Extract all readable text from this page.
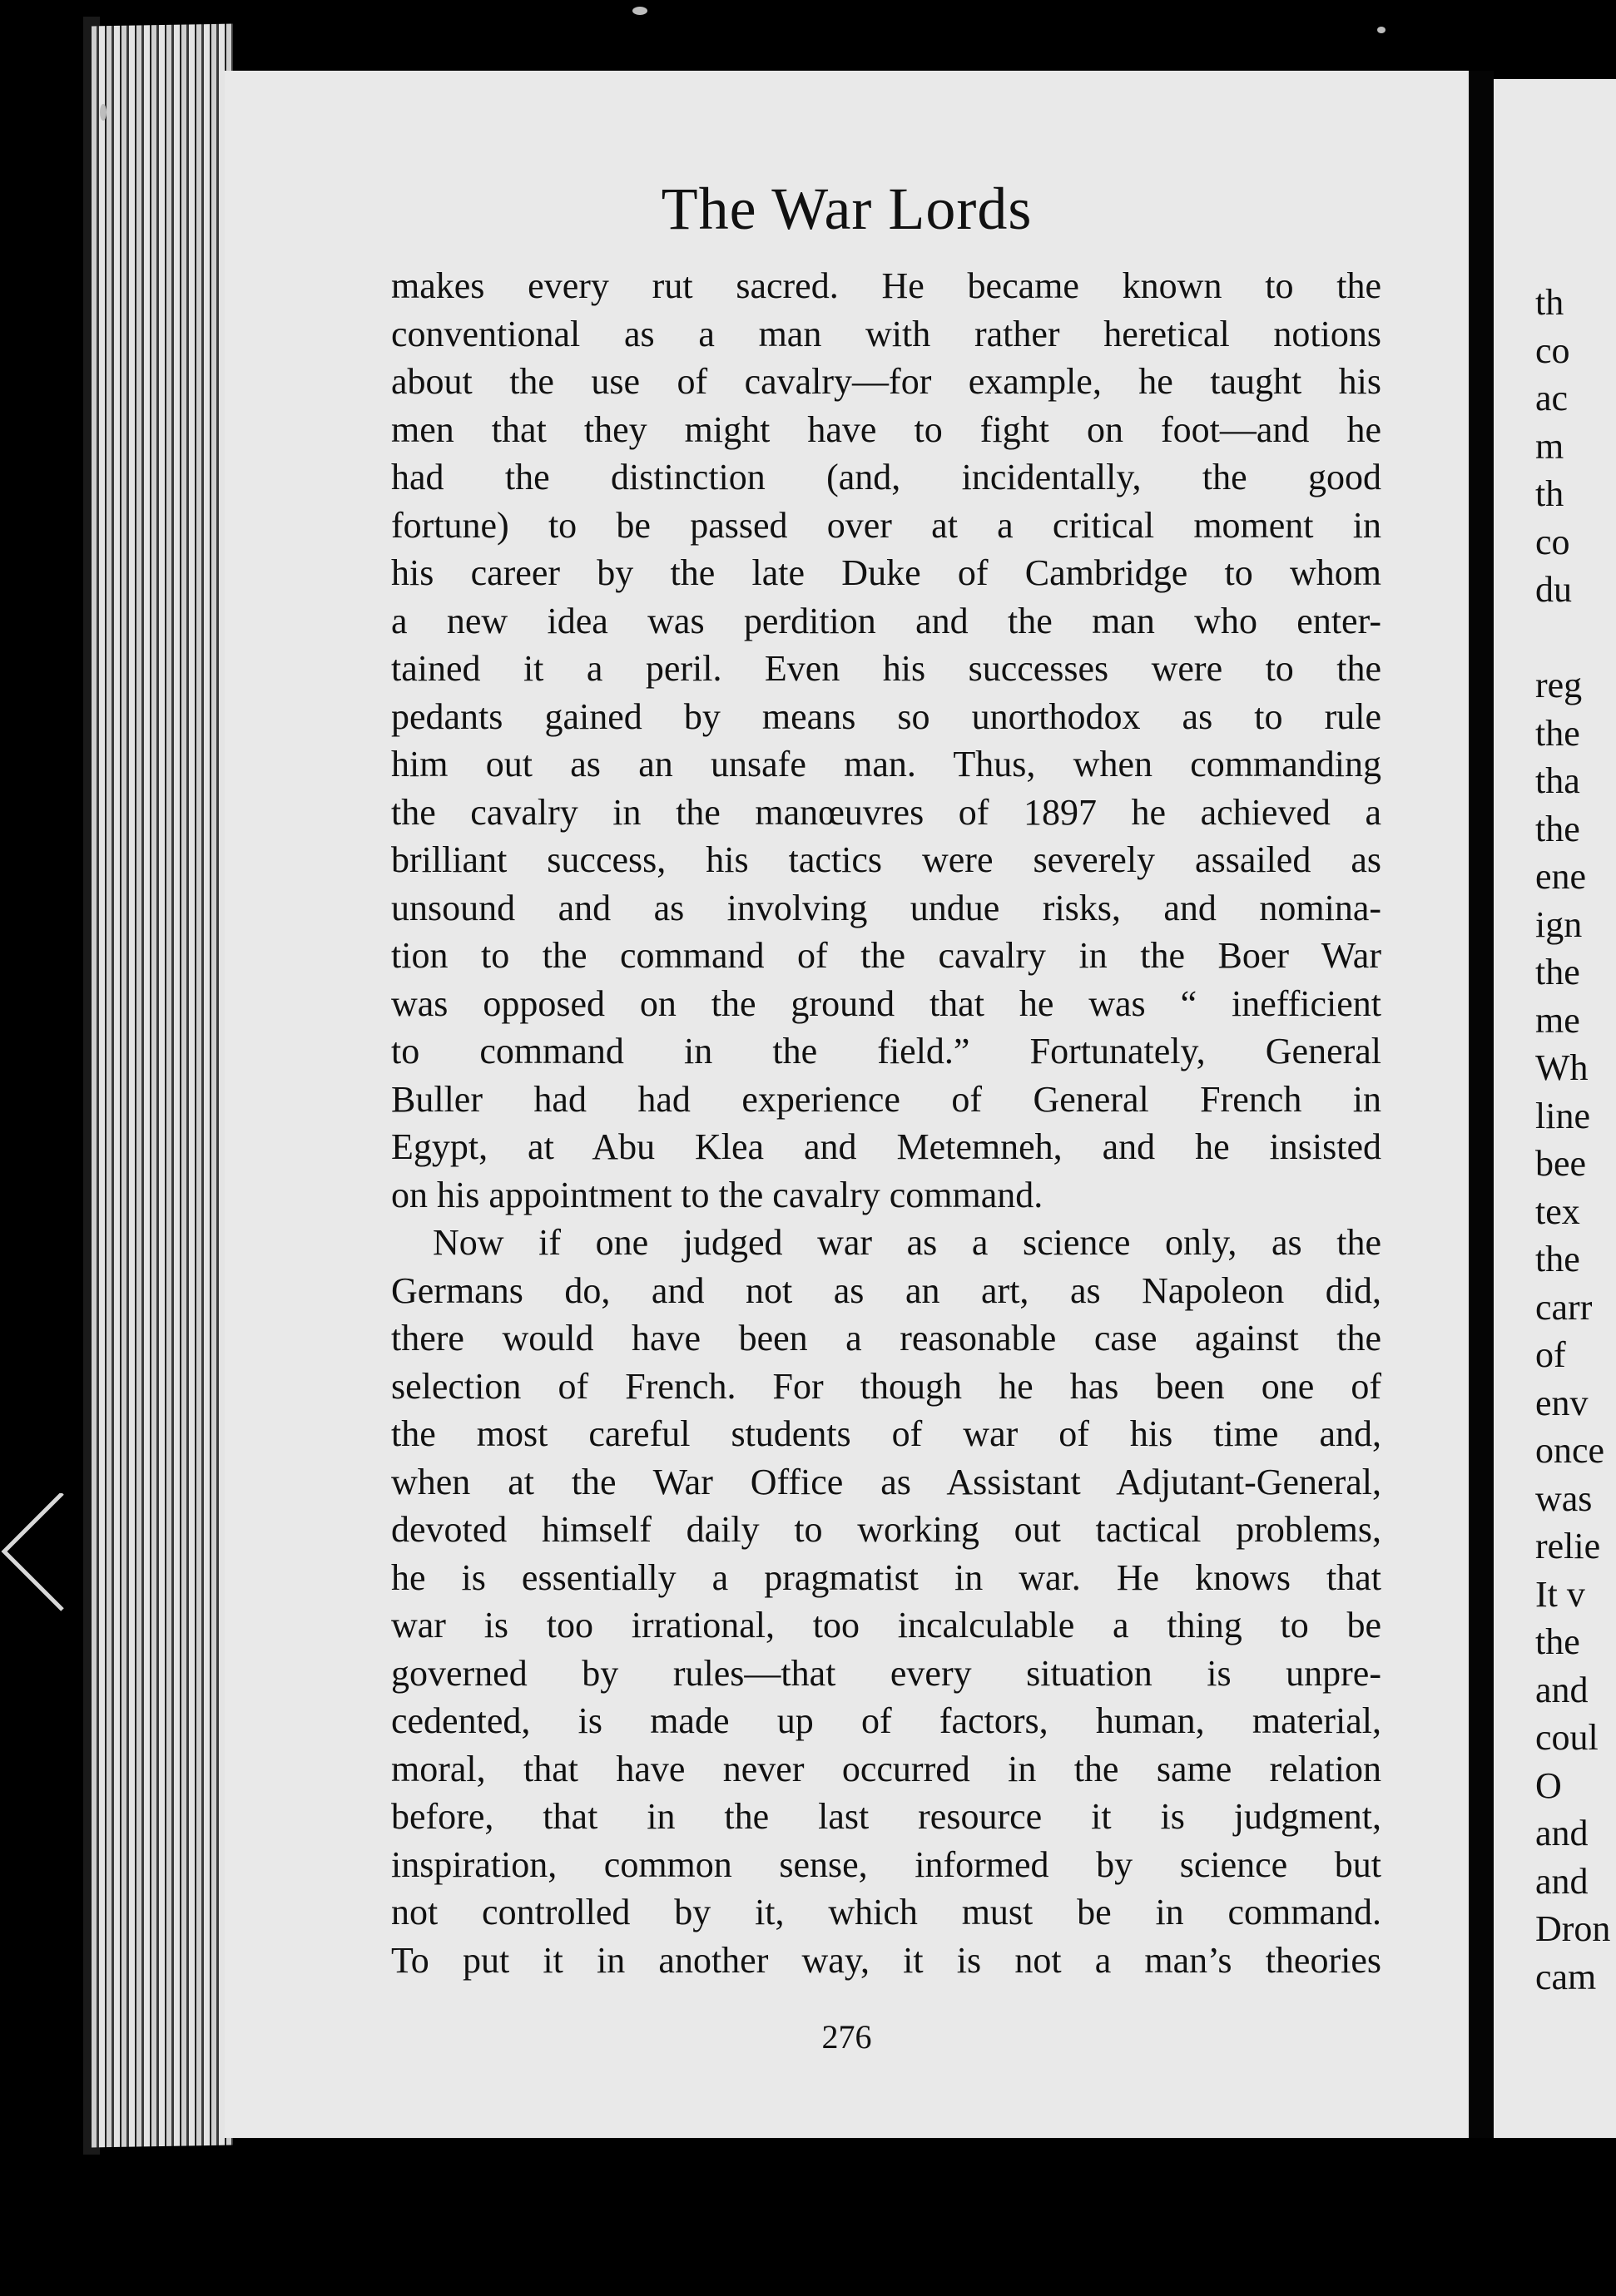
The War Lords
makes every rut sacred. He became known to the
conventional as a man with rather heretical notions
about the use of cavalry—for example, he taught his
men that they might have to fight on foot—and he
had the distinction (and, incidentally, the good
fortune) to be passed over at a critical moment in
his career by the late Duke of Cambridge to whom
a new idea was perdition and the man who enter-
tained it a peril. Even his successes were to the
pedants gained by means so unorthodox as to rule
him out as an unsafe man. Thus, when commanding
the cavalry in the manœuvres of 1897 he achieved a
brilliant success, his tactics were severely assailed as
unsound and as involving undue risks, and nomina-
tion to the command of the cavalry in the Boer War
was opposed on the ground that he was “ inefficient
to command in the field.” Fortunately, General
Buller had had experience of General French in
Egypt, at Abu Klea and Metemneh, and he insisted
on his appointment to the cavalry command.
Now if one judged war as a science only, as the
Germans do, and not as an art, as Napoleon did,
there would have been a reasonable case against the
selection of French. For though he has been one of
the most careful students of war of his time and,
when at the War Office as Assistant Adjutant-General,
devoted himself daily to working out tactical problems,
he is essentially a pragmatist in war. He knows that
war is too irrational, too incalculable a thing to be
governed by rules—that every situation is unpre-
cedented, is made up of factors, human, material,
moral, that have never occurred in the same relation
before, that in the last resource it is judgment,
inspiration, common sense, informed by science but
not controlled by it, which must be in command.
To put it in another way, it is not a man’s theories
276
th
co
ac
m
th
co
du
reg
the
tha
the
ene
ign
the
me
Wh
line
bee
tex
the
carr
of
env
once
was
relie
It v
the
and
coul
O
and
and
Dron
cam
